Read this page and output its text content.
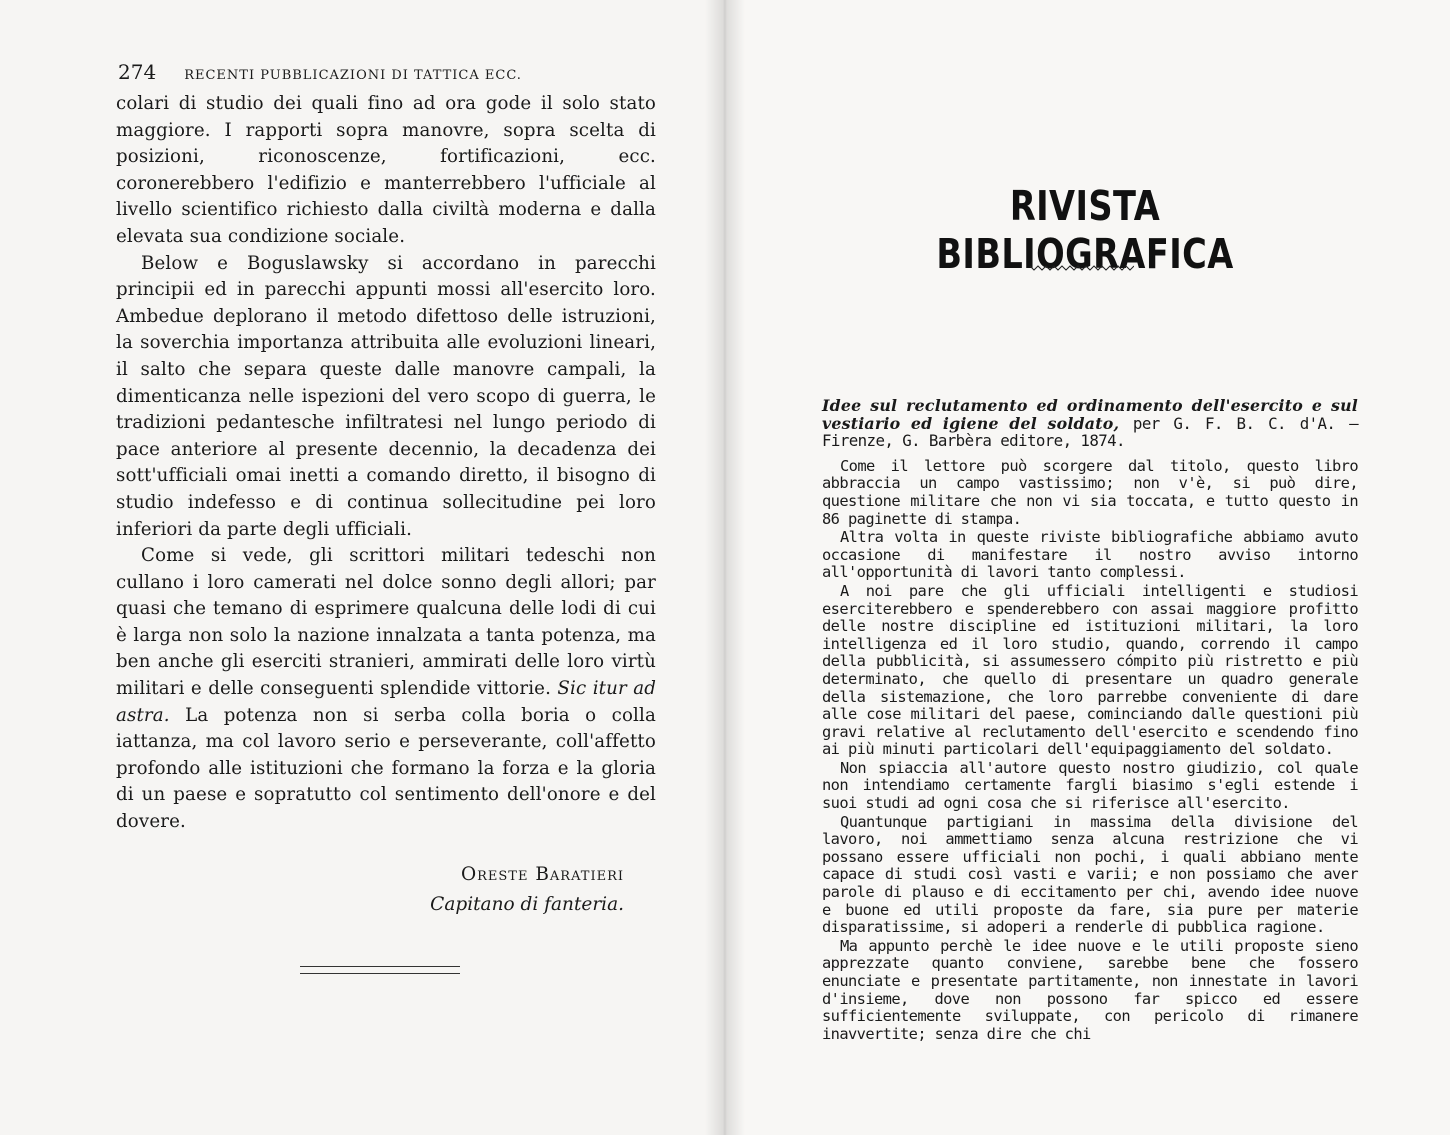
274 RECENTI PUBBLICAZIONI DI TATTICA ECC.

colari di studio dei quali fino ad ora gode il solo stato maggiore. I rapporti sopra manovre, sopra scelta di posizioni, riconoscenze, fortificazioni, ecc. coronerebbero l'edifizio e manterrebbero l'ufficiale al livello scientifico richiesto dalla civiltà moderna e dalla elevata sua condizione sociale.

Below e Boguslawsky si accordano in parecchi principii ed in parecchi appunti mossi all'esercito loro. Ambedue deplorano il metodo difettoso delle istruzioni, la soverchia importanza attribuita alle evoluzioni lineari, il salto che separa queste dalle manovre campali, la dimenticanza nelle ispezioni del vero scopo di guerra, le tradizioni pedantesche infiltratesi nel lungo periodo di pace anteriore al presente decennio, la decadenza dei sott'ufficiali omai inetti a comando diretto, il bisogno di studio indefesso e di continua sollecitudine pei loro inferiori da parte degli ufficiali.

Come si vede, gli scrittori militari tedeschi non cullano i loro camerati nel dolce sonno degli allori; par quasi che temano di esprimere qualcuna delle lodi di cui è larga non solo la nazione innalzata a tanta potenza, ma ben anche gli eserciti stranieri, ammirati delle loro virtù militari e delle conseguenti splendide vittorie. Sic itur ad astra. La potenza non si serba colla boria o colla iattanza, ma col lavoro serio e perseverante, coll'affetto profondo alle istituzioni che formano la forza e la gloria di un paese e sopratutto col sentimento dell'onore e del dovere.

Oreste Baratieri
Capitano di fanteria.
RIVISTA BIBLIOGRAFICA

Idee sul reclutamento ed ordinamento dell'esercito e sul vestiario ed igiene del soldato, per G. F. B. C. d'A. — Firenze, G. Barbèra editore, 1874.

Come il lettore può scorgere dal titolo, questo libro abbraccia un campo vastissimo; non v'è, si può dire, questione militare che non vi sia toccata, e tutto questo in 86 paginette di stampa.

Altra volta in queste riviste bibliografiche abbiamo avuto occasione di manifestare il nostro avviso intorno all'opportunità di lavori tanto complessi.

A noi pare che gli ufficiali intelligenti e studiosi eserciterebbero e spenderebbero con assai maggiore profitto delle nostre discipline ed istituzioni militari, la loro intelligenza ed il loro studio, quando, correndo il campo della pubblicità, si assumessero cómpito più ristretto e più determinato, che quello di presentare un quadro generale della sistemazione, che loro parrebbe conveniente di dare alle cose militari del paese, cominciando dalle questioni più gravi relative al reclutamento dell'esercito e scendendo fino ai più minuti particolari dell'equipaggiamento del soldato.

Non spiaccia all'autore questo nostro giudizio, col quale non intendiamo certamente fargli biasimo s'egli estende i suoi studi ad ogni cosa che si riferisce all'esercito.

Quantunque partigiani in massima della divisione del lavoro, noi ammettiamo senza alcuna restrizione che vi possano essere ufficiali non pochi, i quali abbiano mente capace di studi così vasti e varii; e non possiamo che aver parole di plauso e di eccitamento per chi, avendo idee nuove e buone ed utili proposte da fare, sia pure per materie disparatissime, si adoperi a renderle di pubblica ragione.

Ma appunto perchè le idee nuove e le utili proposte sieno apprezzate quanto conviene, sarebbe bene che fossero enunciate e presentate partitamente, non innestate in lavori d'insieme, dove non possono far spicco ed essere sufficientemente sviluppate, con pericolo di rimanere inavvertite; senza dire che chi
